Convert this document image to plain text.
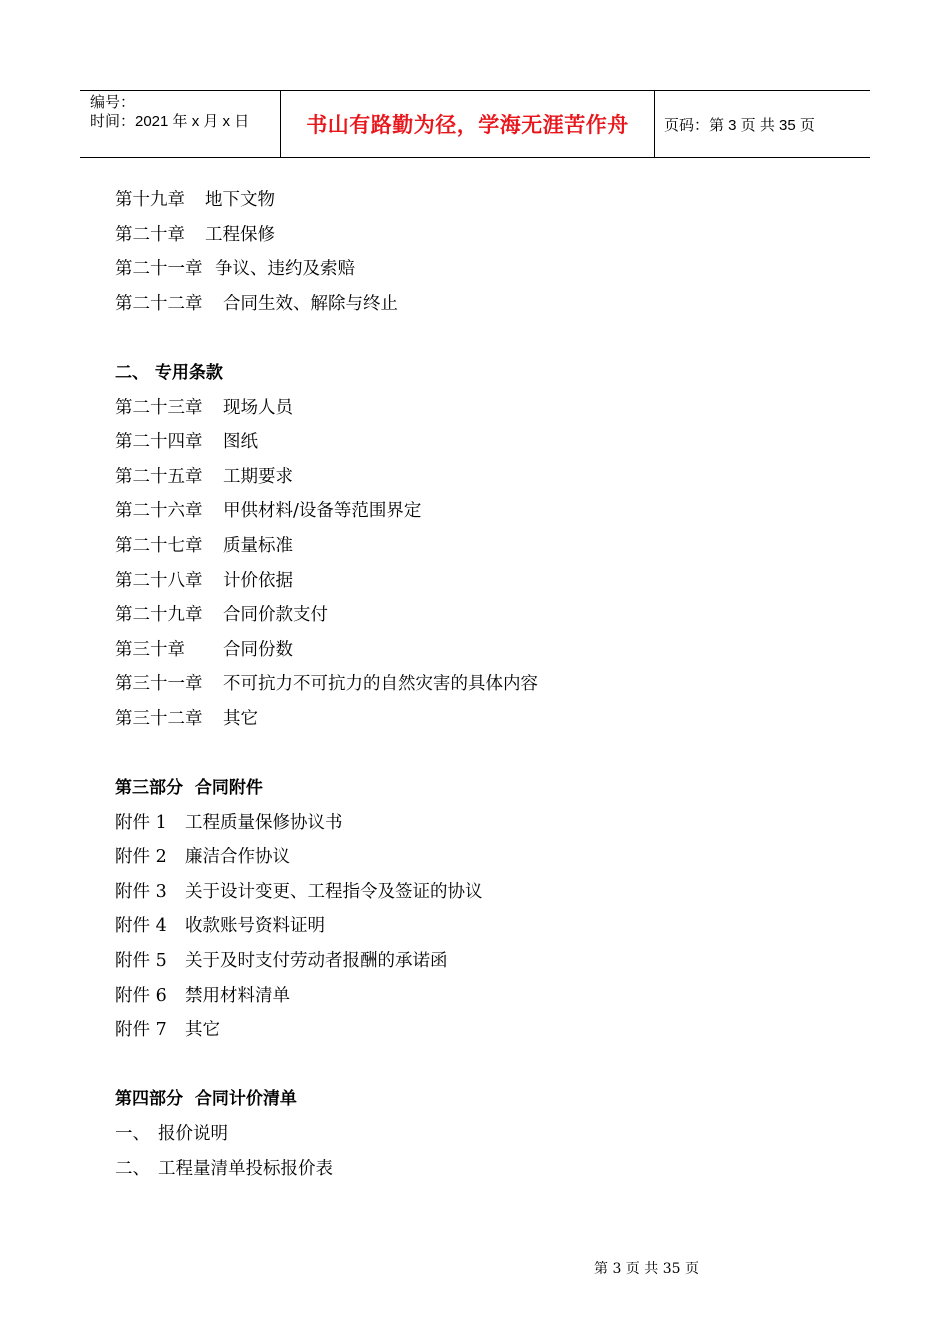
编号：
时间：2021 年 x 月 x 日	书山有路勤为径，学海无涯苦作舟 页码：第 3 页 共 35 页
第十九章 地下文物
第二十章 工程保修
第二十一章 争议、违约及索赔
第二十二章 合同生效、解除与终止
二、 专用条款
第二十三章 现场人员
第二十四章 图纸
第二十五章 工期要求
第二十六章 甲供材料/设备等范围界定
第二十七章 质量标准
第二十八章 计价依据
第二十九章 合同价款支付
第三十章 合同份数
第三十一章 不可抗力不可抗力的自然灾害的具体内容
第三十二章 其它
第三部分  合同附件
附件 1 工程质量保修协议书
附件 2 廉洁合作协议
附件 3 关于设计变更、工程指令及签证的协议
附件 4 收款账号资料证明
附件 5 关于及时支付劳动者报酬的承诺函
附件 6 禁用材料清单
附件 7 其它
第四部分  合同计价清单
一、 报价说明
二、 工程量清单投标报价表
第 3 页 共 35 页
